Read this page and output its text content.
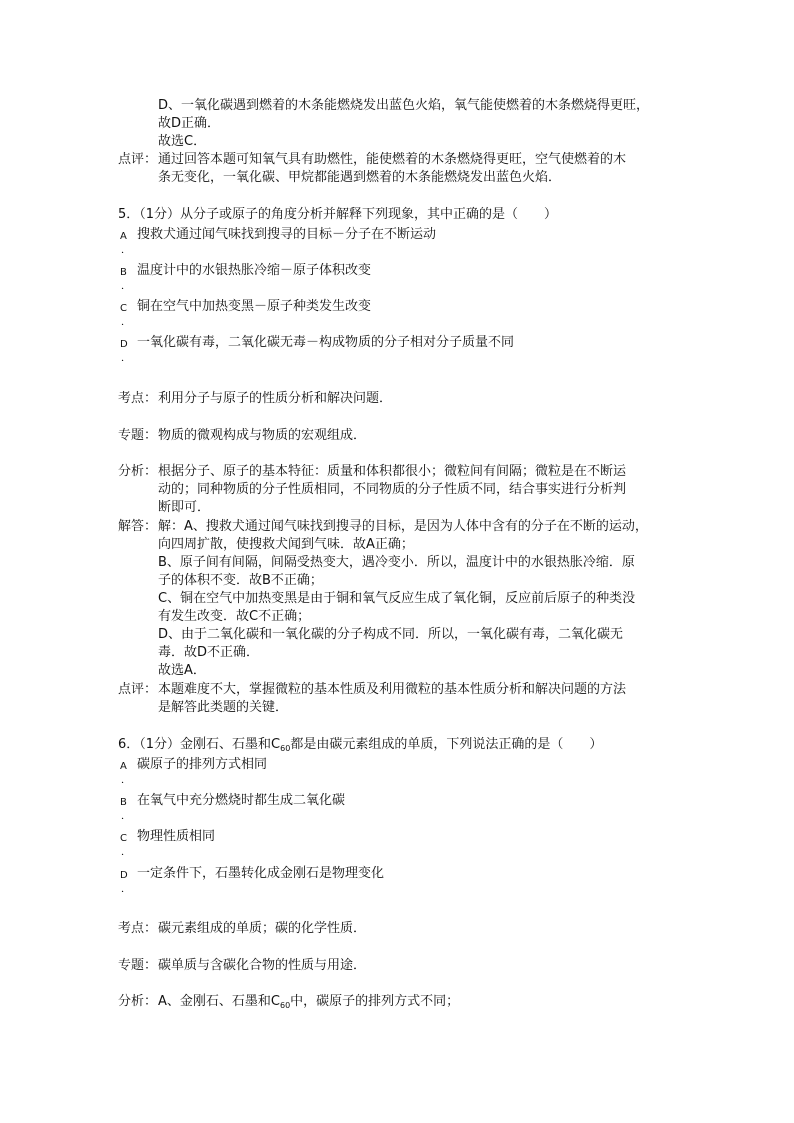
D、一氧化碳遇到燃着的木条能燃烧发出蓝色火焰，氧气能使燃着的木条燃烧得更旺，
故D正确．
故选C．
点评： 通过回答本题可知氧气具有助燃性，能使燃着的木条燃烧得更旺，空气使燃着的木
条无变化，一氧化碳、甲烷都能遇到燃着的木条能燃烧发出蓝色火焰．
5．（1分）从分子或原子的角度分析并解释下列现象，其中正确的是（　　）
A 搜救犬通过闻气味找到搜寻的目标－分子在不断运动
．
B 温度计中的水银热胀冷缩－原子体积改变
．
C 铜在空气中加热变黑－原子种类发生改变
．
D 一氧化碳有毒，二氧化碳无毒－构成物质的分子相对分子质量不同
．
考点： 利用分子与原子的性质分析和解决问题．
专题： 物质的微观构成与物质的宏观组成．
分析： 根据分子、原子的基本特征：质量和体积都很小；微粒间有间隔；微粒是在不断运
动的；同种物质的分子性质相同，不同物质的分子性质不同，结合事实进行分析判
断即可．
解答： 解：A、搜救犬通过闻气味找到搜寻的目标，是因为人体中含有的分子在不断的运动，
向四周扩散，使搜救犬闻到气味．故A正确；
B、原子间有间隔，间隔受热变大，遇冷变小．所以，温度计中的水银热胀冷缩．原
子的体积不变．故B不正确；
C、铜在空气中加热变黑是由于铜和氧气反应生成了氧化铜，反应前后原子的种类没
有发生改变．故C不正确；
D、由于二氧化碳和一氧化碳的分子构成不同．所以，一氧化碳有毒，二氧化碳无
毒．故D不正确．
故选A．
点评： 本题难度不大，掌握微粒的基本性质及利用微粒的基本性质分析和解决问题的方法
是解答此类题的关键．
6．（1分）金刚石、石墨和$C_{60}$都是由碳元素组成的单质，下列说法正确的是（　　）
A 碳原子的排列方式相同
．
B 在氧气中充分燃烧时都生成二氧化碳
．
C 物理性质相同
．
D 一定条件下，石墨转化成金刚石是物理变化
．
考点： 碳元素组成的单质；碳的化学性质．
专题： 碳单质与含碳化合物的性质与用途．
分析： A、金刚石、石墨和$C_{60}$中，碳原子的排列方式不同；
